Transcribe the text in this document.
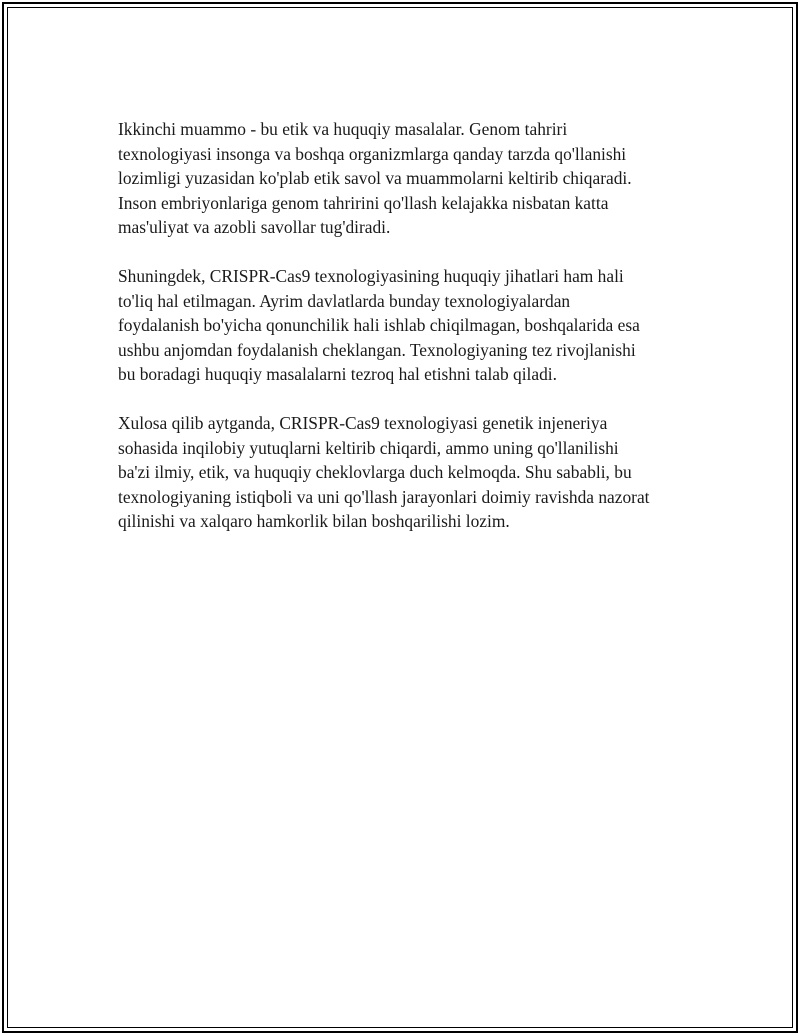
Ikkinchi muammo - bu etik va huquqiy masalalar. Genom tahriri
texnologiyasi insonga va boshqa organizmlarga qanday tarzda qo'llanishi
lozimligi yuzasidan ko'plab etik savol va muammolarni keltirib chiqaradi.
Inson embriyonlariga genom tahririni qo'llash kelajakka nisbatan katta
mas'uliyat va azobli savollar tug'diradi.

Shuningdek, CRISPR-Cas9 texnologiyasining huquqiy jihatlari ham hali
to'liq hal etilmagan. Ayrim davlatlarda bunday texnologiyalardan
foydalanish bo'yicha qonunchilik hali ishlab chiqilmagan, boshqalarida esa
ushbu anjomdan foydalanish cheklangan. Texnologiyaning tez rivojlanishi
bu boradagi huquqiy masalalarni tezroq hal etishni talab qiladi.

Xulosa qilib aytganda, CRISPR-Cas9 texnologiyasi genetik injeneriya
sohasida inqilobiy yutuqlarni keltirib chiqardi, ammo uning qo'llanilishi
ba'zi ilmiy, etik, va huquqiy cheklovlarga duch kelmoqda. Shu sababli, bu
texnologiyaning istiqboli va uni qo'llash jarayonlari doimiy ravishda nazorat
qilinishi va xalqaro hamkorlik bilan boshqarilishi lozim.
